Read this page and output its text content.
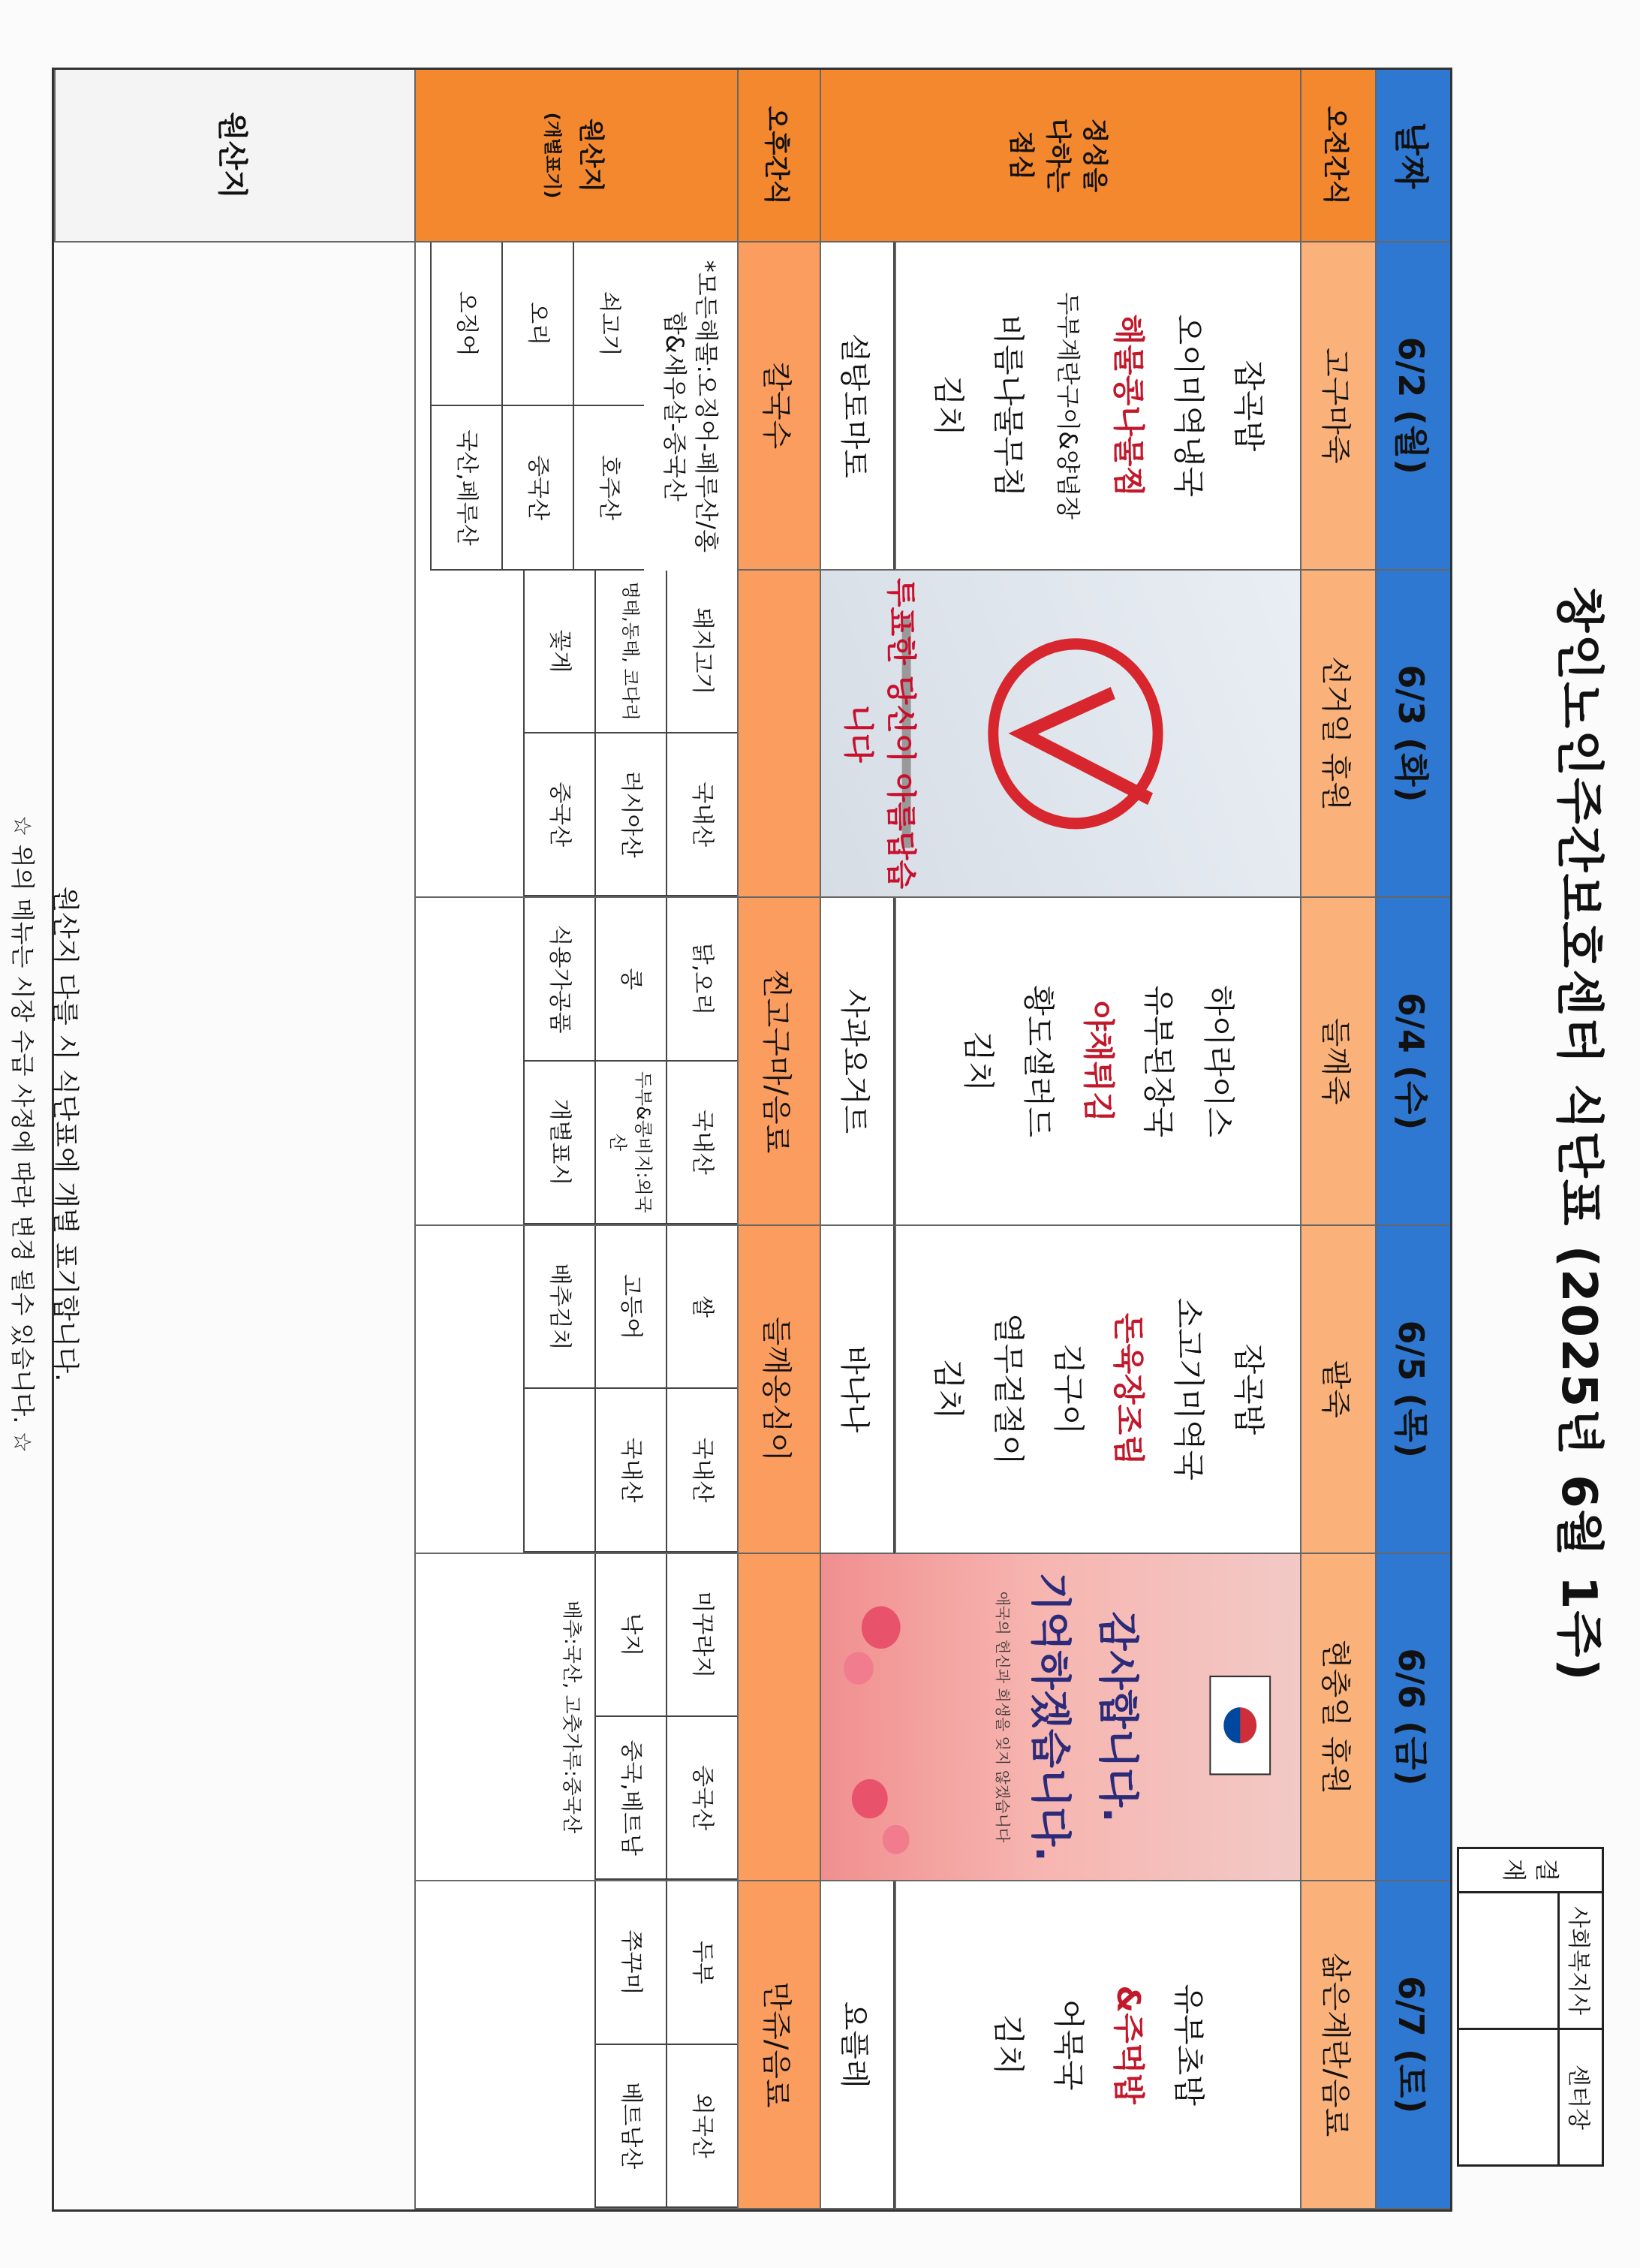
창인노인주간보호센터 식단표 (2025년 6월 1주)
결
재
사회복지사
센터장
날짜
오전간식
정성을
다하는
점심
오후간식
원산지
(개별표기)
원산지
6/2 (월)
고구마죽
잡곡밥
오이미역냉국
해물콩나물찜
두부계란구이&양념장
비름나물무침
김치
설탕토마토
칼국수
*모든해물:오징어-페루산/홍합&새우살-중국산
쇠고기
호주산
오리
중국산
오징어
국산,페루산
6/3 (화)
선거일 휴원
투표한 당신이 아름답습니다
돼지고기
국내산
명태,동태, 코다리
러시아산
꽃게
중국산
6/4 (수)
들깨죽
하이라이스
유부된장국
야채튀김
황도샐러드
김치
사과요거트
찐고구마/음료
닭,오리
국내산
콩
두부&콩비지:외국산
식용가공품
개별표시
6/5 (목)
팥죽
잡곡밥
소고기미역국
돈육장조림
김구이
열무겉절이
김치
바나나
들깨옹심이
쌀
국내산
고등어
국내산
배추김치
6/6 (금)
현충일 휴원
감사합니다.
기억하겠습니다.
애국의 헌신과 희생을 잊지 않겠습니다
미꾸라지
중국산
낙지
중국,베트남
배추:국산, 고춧가루:중국산
6/7 (토)
삶은계란/음료
유부초밥
&주먹밥
어묵국
김치
요플레
만쥬/음료
두부
외국산
쭈꾸미
베트남산
원산지 다를 시 식단표에 개별 표기합니다.
☆ 위의 메뉴는 시장 수급 사정에 따라 변경 될수 있습니다. ☆
